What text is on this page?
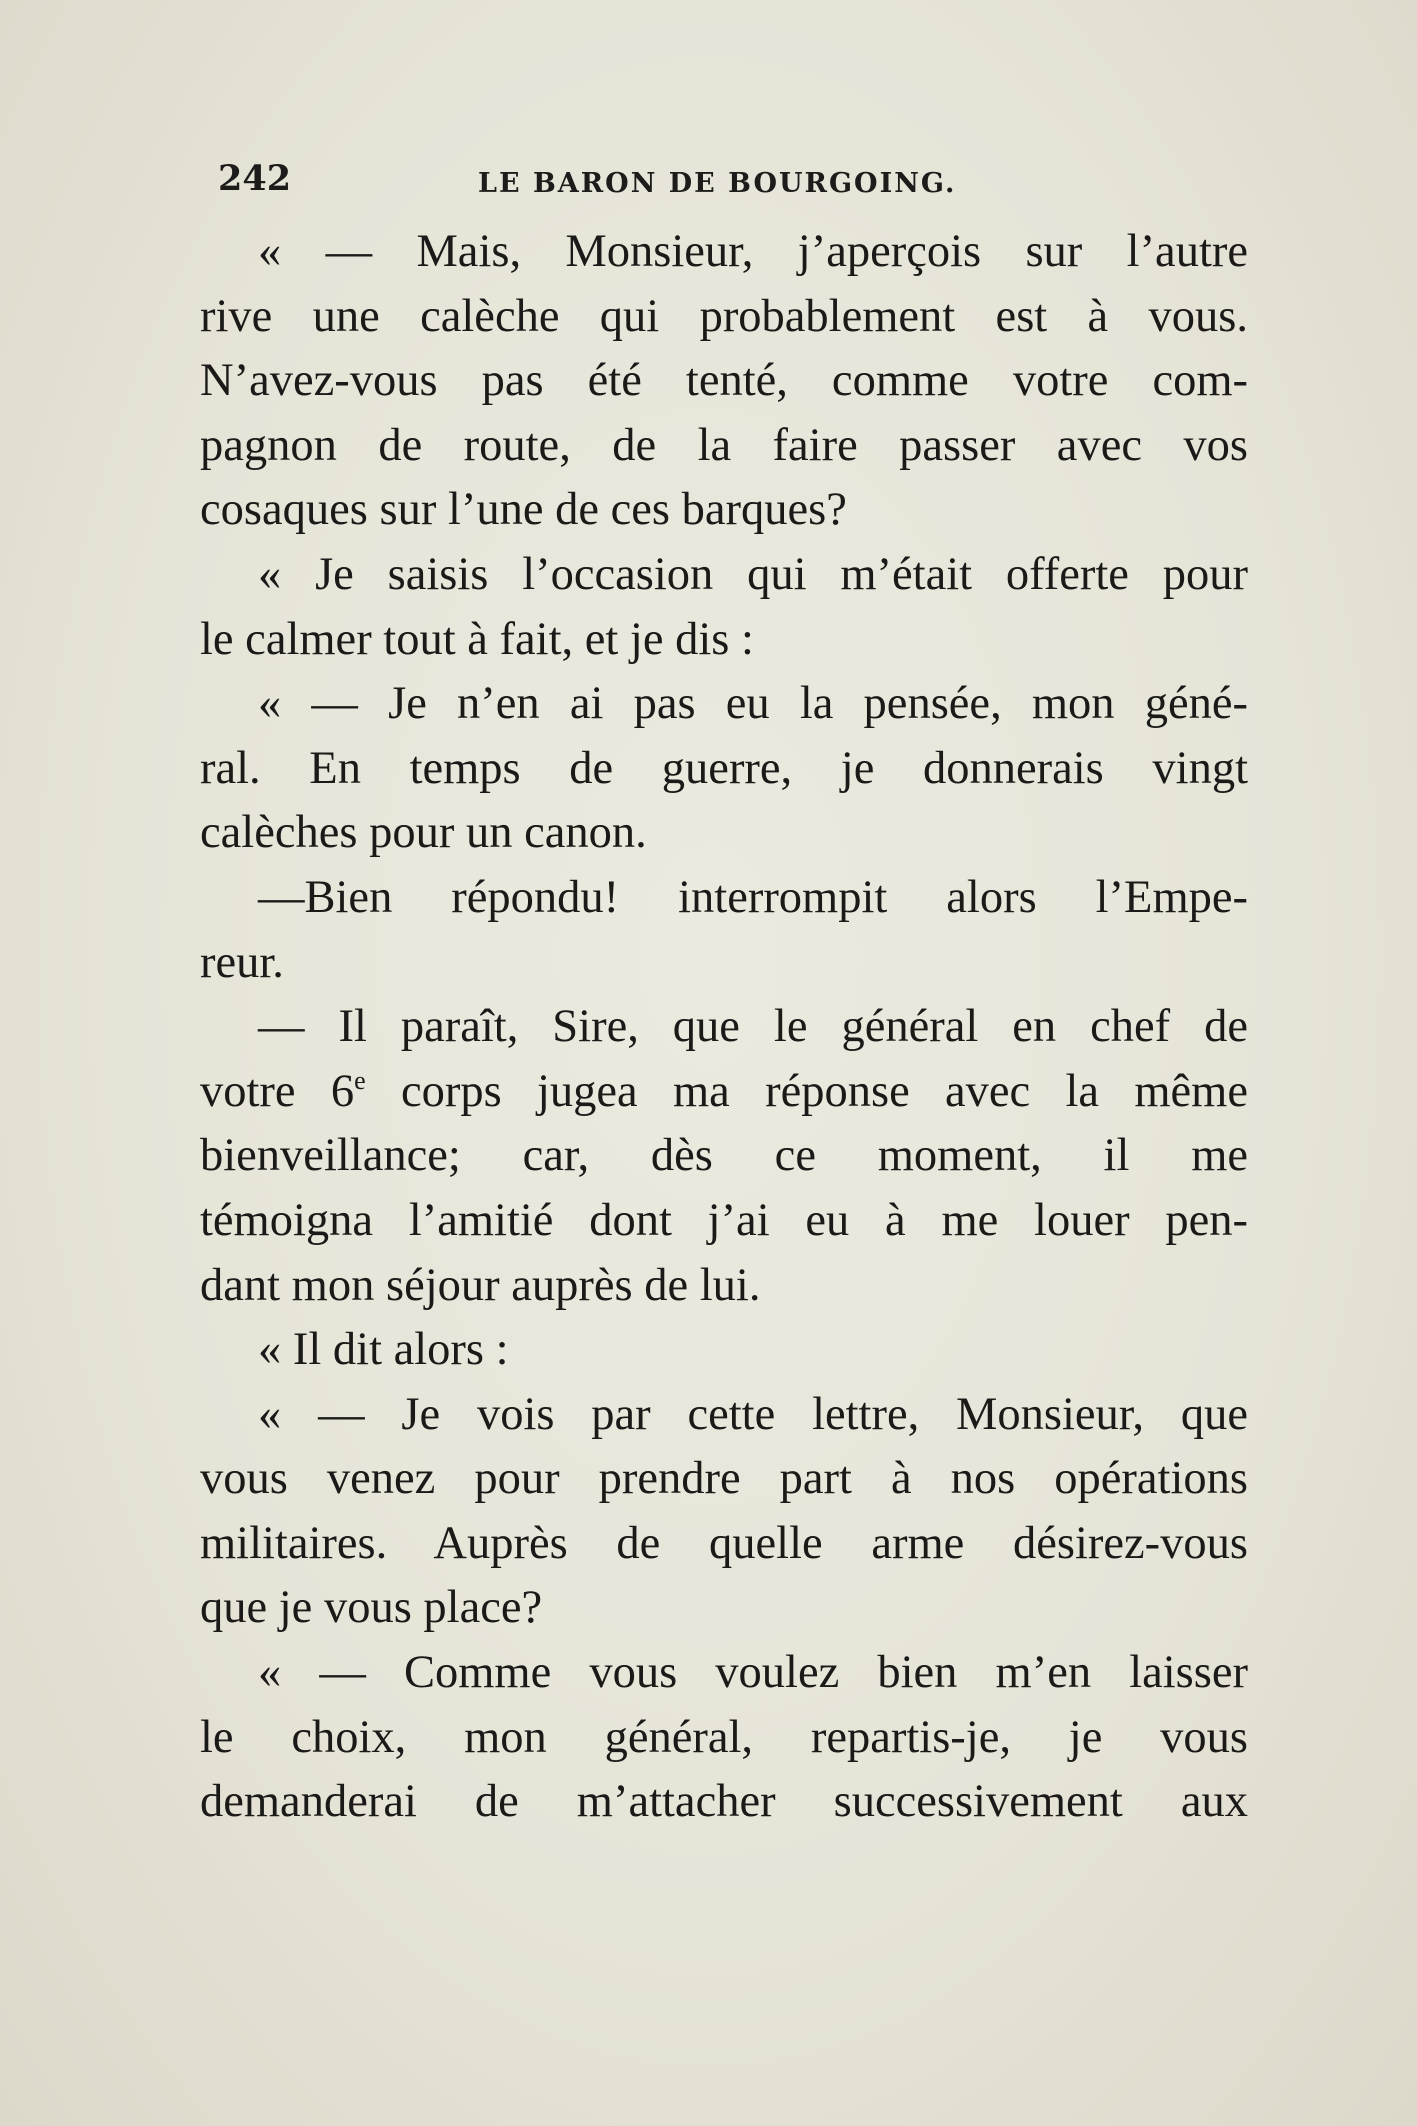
242	LE BARON DE BOURGOING.
« — Mais, Monsieur, j’aperçois sur l’autre
rive une calèche qui probablement est à vous.
N’avez-vous pas été tenté, comme votre com-
pagnon de route, de la faire passer avec vos
cosaques sur l’une de ces barques?
« Je saisis l’occasion qui m’était offerte pour
le calmer tout à fait, et je dis :
« — Je n’en ai pas eu la pensée, mon géné-
ral. En temps de guerre, je donnerais vingt
calèches pour un canon.
—Bien répondu! interrompit alors l’Empe-
reur.
— Il paraît, Sire, que le général en chef de
votre 6e corps jugea ma réponse avec la même
bienveillance; car, dès ce moment, il me
témoigna l’amitié dont j’ai eu à me louer pen-
dant mon séjour auprès de lui.
« Il dit alors :
« — Je vois par cette lettre, Monsieur, que
vous venez pour prendre part à nos opérations
militaires. Auprès de quelle arme désirez-vous
que je vous place?
« — Comme vous voulez bien m’en laisser
le choix, mon général, repartis-je, je vous
demanderai de m’attacher successivement aux
